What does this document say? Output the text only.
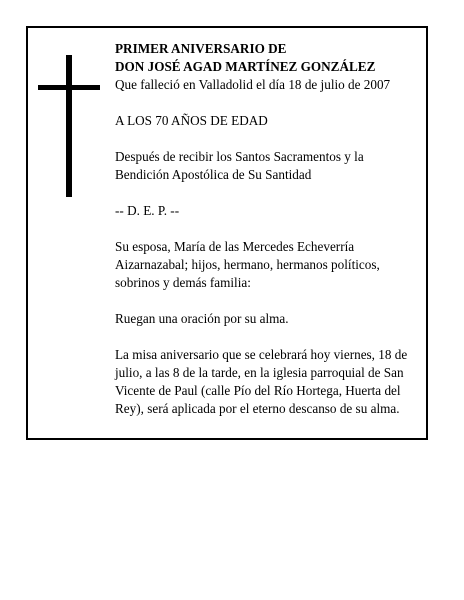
PRIMER ANIVERSARIO DE

DON JOSÉ AGAD MARTÍNEZ GONZÁLEZ

Que falleció en Valladolid el día 18 de julio de 2007

A LOS 70 AÑOS DE EDAD

Después de recibir los Santos Sacramentos y la Bendición Apostólica de Su Santidad

-- D. E. P. --

Su esposa, María de las Mercedes Echeverría Aizarnazabal; hijos, hermano, hermanos políticos, sobrinos y demás familia:

Ruegan una oración por su alma.

La misa aniversario que se celebrará hoy viernes, 18 de julio, a las 8 de la tarde, en la iglesia parroquial de San Vicente de Paul (calle Pío del Río Hortega, Huerta del Rey), será aplicada por el eterno descanso de su alma.
